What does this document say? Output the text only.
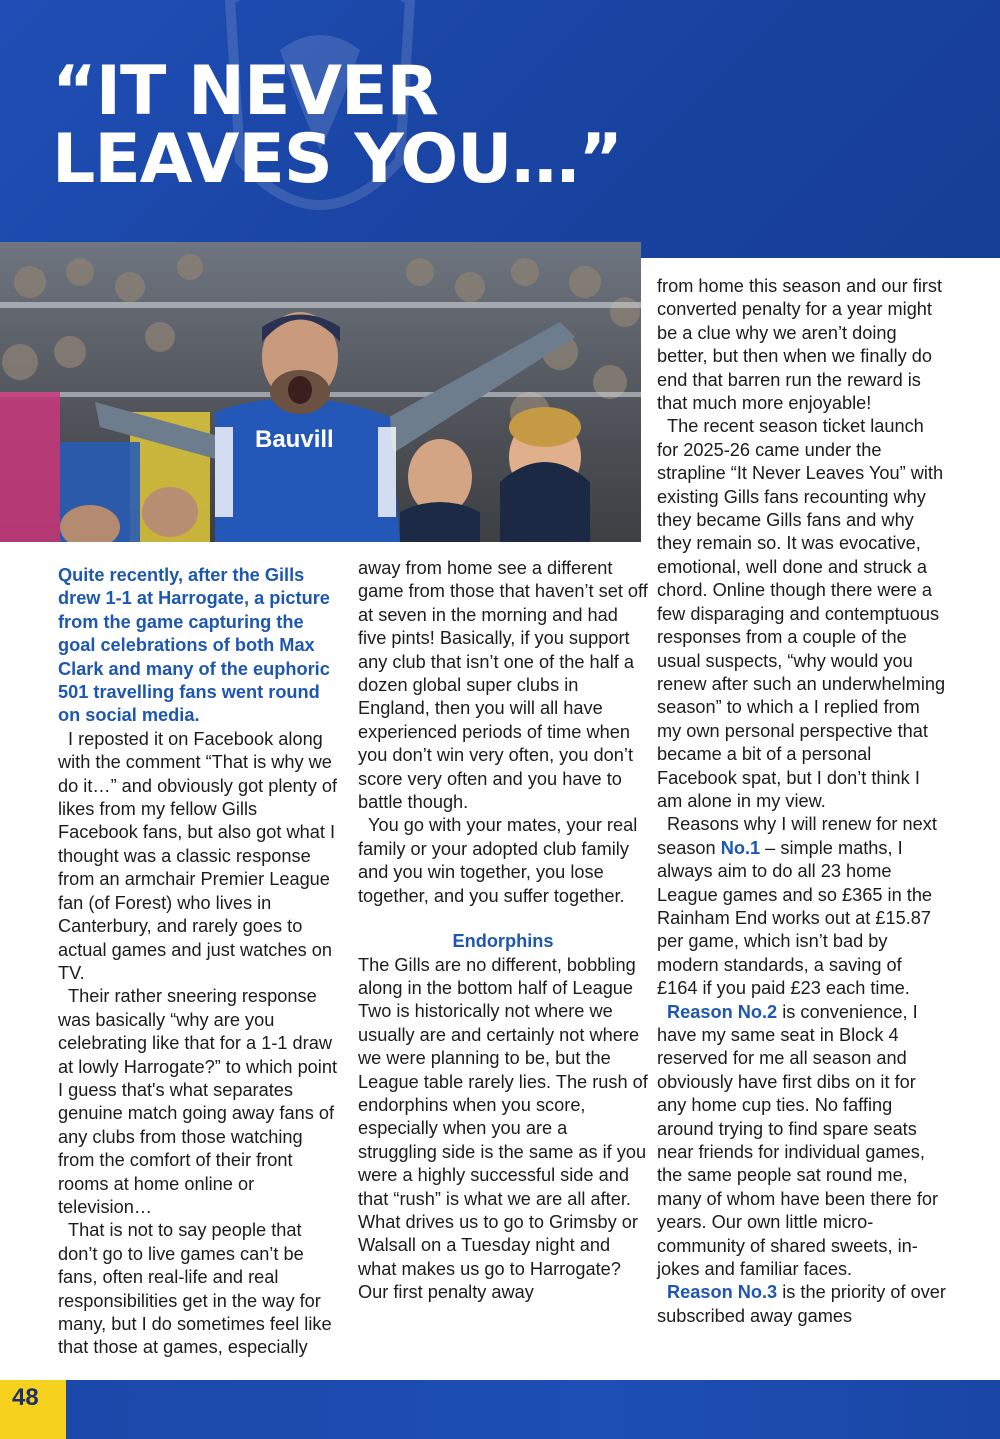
“IT NEVER
LEAVES YOU…”
Bauvill

Quite recently, after the Gills drew 1-1 at Harrogate, a picture from the game capturing the goal celebrations of both Max Clark and many of the euphoric 501 travelling fans went round on social media.

I reposted it on Facebook along with the comment “That is why we do it…” and obviously got plenty of likes from my fellow Gills Facebook fans, but also got what I thought was a classic response from an armchair Premier League fan (of Forest) who lives in Canterbury, and rarely goes to actual games and just watches on TV.

Their rather sneering response was basically “why are you celebrating like that for a 1-1 draw at lowly Harrogate?” to which point I guess that's what separates genuine match going away fans of any clubs from those watching from the comfort of their front rooms at home online or television…

That is not to say people that don’t go to live games can’t be fans, often real-life and real responsibilities get in the way for many, but I do sometimes feel like that those at games, especially

away from home see a different game from those that haven’t set off at seven in the morning and had five pints! Basically, if you support any club that isn’t one of the half a dozen global super clubs in England, then you will all have experienced periods of time when you don’t win very often, you don’t score very often and you have to battle though.

You go with your mates, your real family or your adopted club family and you win together, you lose together, and you suffer together.

Endorphins

The Gills are no different, bobbling along in the bottom half of League Two is historically not where we usually are and certainly not where we were planning to be, but the League table rarely lies. The rush of endorphins when you score, especially when you are a struggling side is the same as if you were a highly successful side and that “rush” is what we are all after. What drives us to go to Grimsby or Walsall on a Tuesday night and what makes us go to Harrogate? Our first penalty away

from home this season and our first converted penalty for a year might be a clue why we aren’t doing better, but then when we finally do end that barren run the reward is that much more enjoyable!

The recent season ticket launch for 2025-26 came under the strapline “It Never Leaves You” with existing Gills fans recounting why they became Gills fans and why they remain so. It was evocative, emotional, well done and struck a chord. Online though there were a few disparaging and contemptuous responses from a couple of the usual suspects, “why would you renew after such an underwhelming season” to which a I replied from my own personal perspective that became a bit of a personal Facebook spat, but I don’t think I am alone in my view.

Reasons why I will renew for next season No.1 – simple maths, I always aim to do all 23 home League games and so £365 in the Rainham End works out at £15.87 per game, which isn’t bad by modern standards, a saving of £164 if you paid £23 each time.

Reason No.2 is convenience, I have my same seat in Block 4 reserved for me all season and obviously have first dibs on it for any home cup ties. No faffing around trying to find spare seats near friends for individual games, the same people sat round me, many of whom have been there for years. Our own little micro-community of shared sweets, in-jokes and familiar faces.

Reason No.3 is the priority of over subscribed away games

48
